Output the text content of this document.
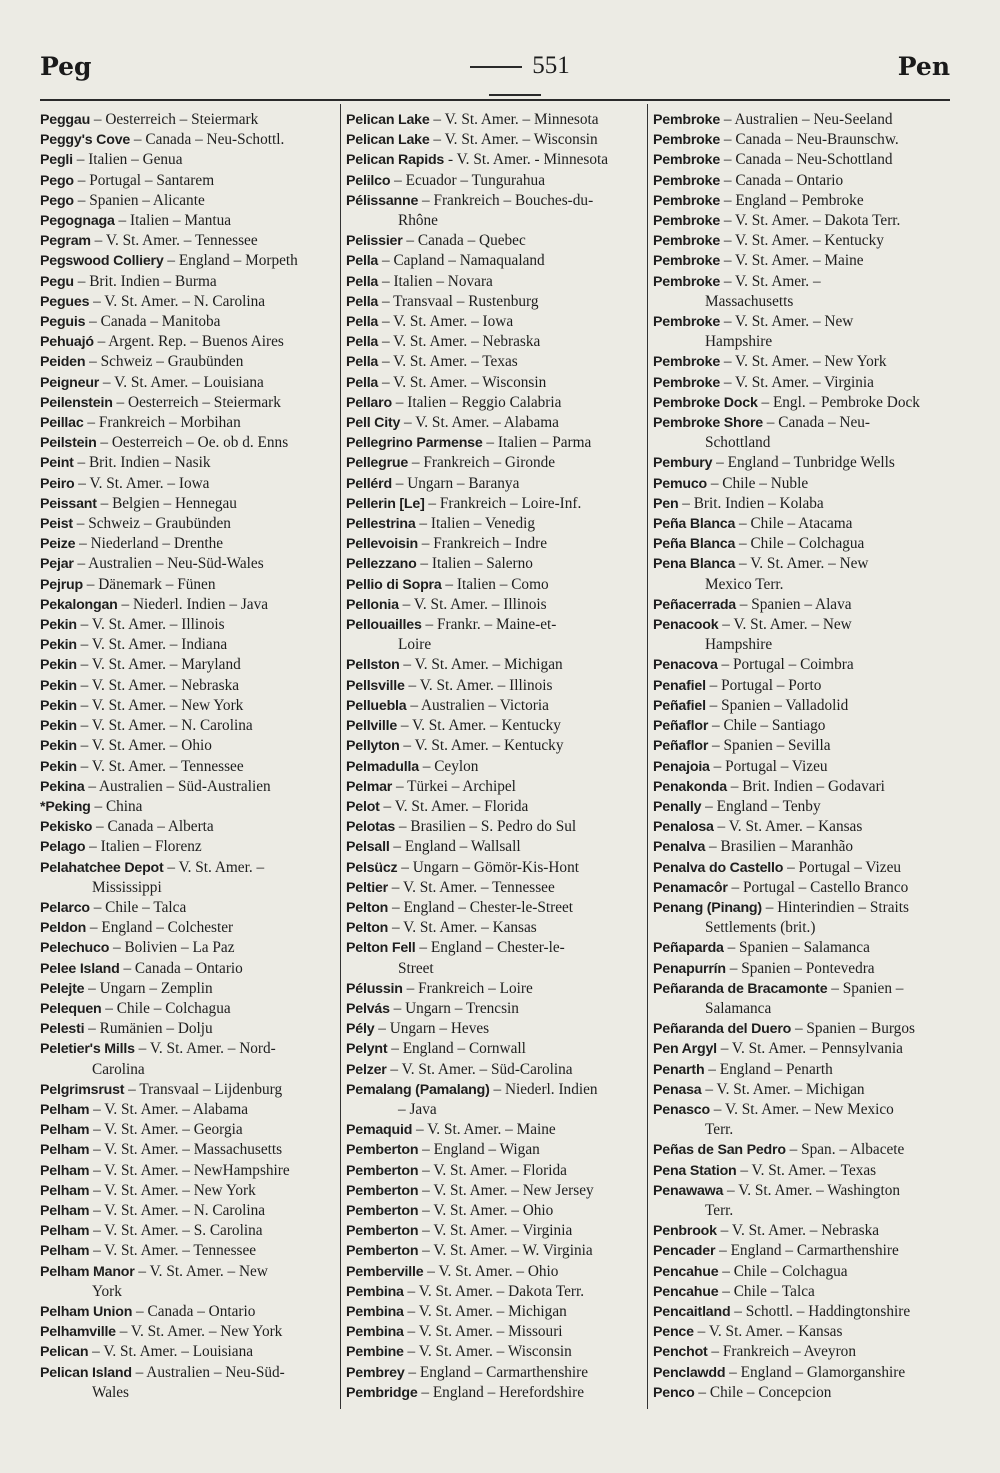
Peg	551	Pen
Peggau – Oesterreich – Steiermark
Peggy's Cove – Canada – Neu-Schottl.
Pegli – Italien – Genua
Pego – Portugal – Santarem
Pego – Spanien – Alicante
Pegognaga – Italien – Mantua
Pegram – V. St. Amer. – Tennessee
Pegswood Colliery – England – Morpeth
Pegu – Brit. Indien – Burma
Pegues – V. St. Amer. – N. Carolina
Peguis – Canada – Manitoba
Pehuajó – Argent. Rep. – Buenos Aires
Peiden – Schweiz – Graubünden
Peigneur – V. St. Amer. – Louisiana
Peilenstein – Oesterreich – Steiermark
Peillac – Frankreich – Morbihan
Peilstein – Oesterreich – Oe. ob d. Enns
Peint – Brit. Indien – Nasik
Peiro – V. St. Amer. – Iowa
Peissant – Belgien – Hennegau
Peist – Schweiz – Graubünden
Peize – Niederland – Drenthe
Pejar – Australien – Neu-Süd-Wales
Pejrup – Dänemark – Fünen
Pekalongan – Niederl. Indien – Java
Pekin – V. St. Amer. – Illinois
Pekin – V. St. Amer. – Indiana
Pekin – V. St. Amer. – Maryland
Pekin – V. St. Amer. – Nebraska
Pekin – V. St. Amer. – New York
Pekin – V. St. Amer. – N. Carolina
Pekin – V. St. Amer. – Ohio
Pekin – V. St. Amer. – Tennessee
Pekina – Australien – Süd-Australien
*Peking – China
Pekisko – Canada – Alberta
Pelago – Italien – Florenz
Pelahatchee Depot – V. St. Amer. –
Mississippi
Pelarco – Chile – Talca
Peldon – England – Colchester
Pelechuco – Bolivien – La Paz
Pelee Island – Canada – Ontario
Pelejte – Ungarn – Zemplin
Pelequen – Chile – Colchagua
Pelesti – Rumänien – Dolju
Peletier's Mills – V. St. Amer. – Nord-
Carolina
Pelgrimsrust – Transvaal – Lijdenburg
Pelham – V. St. Amer. – Alabama
Pelham – V. St. Amer. – Georgia
Pelham – V. St. Amer. – Massachusetts
Pelham – V. St. Amer. – NewHampshire
Pelham – V. St. Amer. – New York
Pelham – V. St. Amer. – N. Carolina
Pelham – V. St. Amer. – S. Carolina
Pelham – V. St. Amer. – Tennessee
Pelham Manor – V. St. Amer. – New
York
Pelham Union – Canada – Ontario
Pelhamville – V. St. Amer. – New York
Pelican – V. St. Amer. – Louisiana
Pelican Island – Australien – Neu-Süd-
Wales
Pelican Lake – V. St. Amer. – Minnesota
Pelican Lake – V. St. Amer. – Wisconsin
Pelican Rapids - V. St. Amer. - Minnesota
Pelilco – Ecuador – Tungurahua
Pélissanne – Frankreich – Bouches-du-
Rhône
Pelissier – Canada – Quebec
Pella – Capland – Namaqualand
Pella – Italien – Novara
Pella – Transvaal – Rustenburg
Pella – V. St. Amer. – Iowa
Pella – V. St. Amer. – Nebraska
Pella – V. St. Amer. – Texas
Pella – V. St. Amer. – Wisconsin
Pellaro – Italien – Reggio Calabria
Pell City – V. St. Amer. – Alabama
Pellegrino Parmense – Italien – Parma
Pellegrue – Frankreich – Gironde
Pellérd – Ungarn – Baranya
Pellerin [Le] – Frankreich – Loire-Inf.
Pellestrina – Italien – Venedig
Pellevoisin – Frankreich – Indre
Pellezzano – Italien – Salerno
Pellio di Sopra – Italien – Como
Pellonia – V. St. Amer. – Illinois
Pellouailles – Frankr. – Maine-et-
Loire
Pellston – V. St. Amer. – Michigan
Pellsville – V. St. Amer. – Illinois
Pelluebla – Australien – Victoria
Pellville – V. St. Amer. – Kentucky
Pellyton – V. St. Amer. – Kentucky
Pelmadulla – Ceylon
Pelmar – Türkei – Archipel
Pelot – V. St. Amer. – Florida
Pelotas – Brasilien – S. Pedro do Sul
Pelsall – England – Wallsall
Pelsücz – Ungarn – Gömör-Kis-Hont
Peltier – V. St. Amer. – Tennessee
Pelton – England – Chester-le-Street
Pelton – V. St. Amer. – Kansas
Pelton Fell – England – Chester-le-
Street
Pélussin – Frankreich – Loire
Pelvás – Ungarn – Trencsin
Pély – Ungarn – Heves
Pelynt – England – Cornwall
Pelzer – V. St. Amer. – Süd-Carolina
Pemalang (Pamalang) – Niederl. Indien
– Java
Pemaquid – V. St. Amer. – Maine
Pemberton – England – Wigan
Pemberton – V. St. Amer. – Florida
Pemberton – V. St. Amer. – New Jersey
Pemberton – V. St. Amer. – Ohio
Pemberton – V. St. Amer. – Virginia
Pemberton – V. St. Amer. – W. Virginia
Pemberville – V. St. Amer. – Ohio
Pembina – V. St. Amer. – Dakota Terr.
Pembina – V. St. Amer. – Michigan
Pembina – V. St. Amer. – Missouri
Pembine – V. St. Amer. – Wisconsin
Pembrey – England – Carmarthenshire
Pembridge – England – Herefordshire
Pembroke – Australien – Neu-Seeland
Pembroke – Canada – Neu-Braunschw.
Pembroke – Canada – Neu-Schottland
Pembroke – Canada – Ontario
Pembroke – England – Pembroke
Pembroke – V. St. Amer. – Dakota Terr.
Pembroke – V. St. Amer. – Kentucky
Pembroke – V. St. Amer. – Maine
Pembroke – V. St. Amer. –
Massachusetts
Pembroke – V. St. Amer. – New
Hampshire
Pembroke – V. St. Amer. – New York
Pembroke – V. St. Amer. – Virginia
Pembroke Dock – Engl. – Pembroke Dock
Pembroke Shore – Canada – Neu-
Schottland
Pembury – England – Tunbridge Wells
Pemuco – Chile – Nuble
Pen – Brit. Indien – Kolaba
Peña Blanca – Chile – Atacama
Peña Blanca – Chile – Colchagua
Pena Blanca – V. St. Amer. – New
Mexico Terr.
Peñacerrada – Spanien – Alava
Penacook – V. St. Amer. – New
Hampshire
Penacova – Portugal – Coimbra
Penafiel – Portugal – Porto
Peñafiel – Spanien – Valladolid
Peñaflor – Chile – Santiago
Peñaflor – Spanien – Sevilla
Penajoia – Portugal – Vizeu
Penakonda – Brit. Indien – Godavari
Penally – England – Tenby
Penalosa – V. St. Amer. – Kansas
Penalva – Brasilien – Maranhão
Penalva do Castello – Portugal – Vizeu
Penamacôr – Portugal – Castello Branco
Penang (Pinang) – Hinterindien – Straits
Settlements (brit.)
Peñaparda – Spanien – Salamanca
Penapurrín – Spanien – Pontevedra
Peñaranda de Bracamonte – Spanien –
Salamanca
Peñaranda del Duero – Spanien – Burgos
Pen Argyl – V. St. Amer. – Pennsylvania
Penarth – England – Penarth
Penasa – V. St. Amer. – Michigan
Penasco – V. St. Amer. – New Mexico
Terr.
Peñas de San Pedro – Span. – Albacete
Pena Station – V. St. Amer. – Texas
Penawawa – V. St. Amer. – Washington
Terr.
Penbrook – V. St. Amer. – Nebraska
Pencader – England – Carmarthenshire
Pencahue – Chile – Colchagua
Pencahue – Chile – Talca
Pencaitland – Schottl. – Haddingtonshire
Pence – V. St. Amer. – Kansas
Penchot – Frankreich – Aveyron
Penclawdd – England – Glamorganshire
Penco – Chile – Concepcion
